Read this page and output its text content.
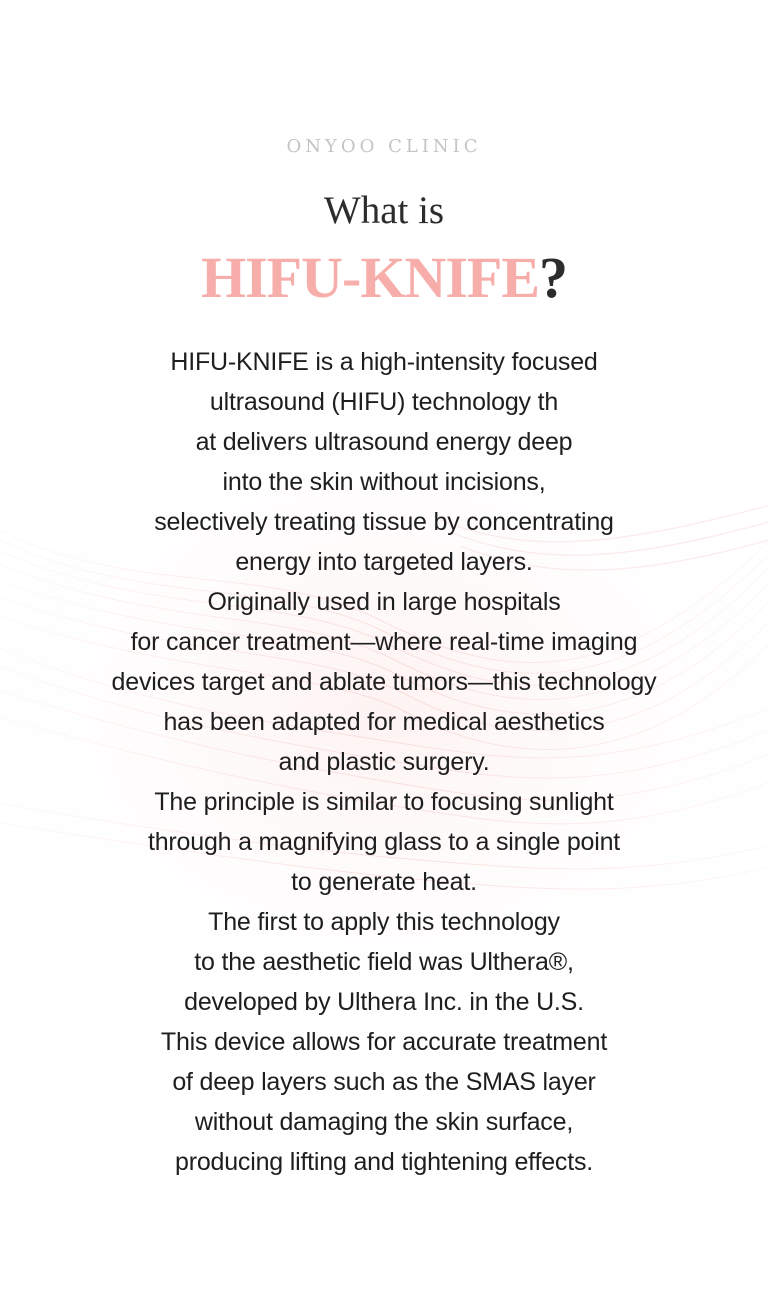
ONYOO CLINIC
What is
HIFU-KNIFE?
HIFU-KNIFE is a high-intensity focused
ultrasound (HIFU) technology th
at delivers ultrasound energy deep
into the skin without incisions,
selectively treating tissue by concentrating
energy into targeted layers.
Originally used in large hospitals
for cancer treatment—where real-time imaging
devices target and ablate tumors—this technology
has been adapted for medical aesthetics
and plastic surgery.
The principle is similar to focusing sunlight
through a magnifying glass to a single point
to generate heat.
The first to apply this technology
to the aesthetic field was Ulthera®,
developed by Ulthera Inc. in the U.S.
This device allows for accurate treatment
of deep layers such as the SMAS layer
without damaging the skin surface,
producing lifting and tightening effects.
